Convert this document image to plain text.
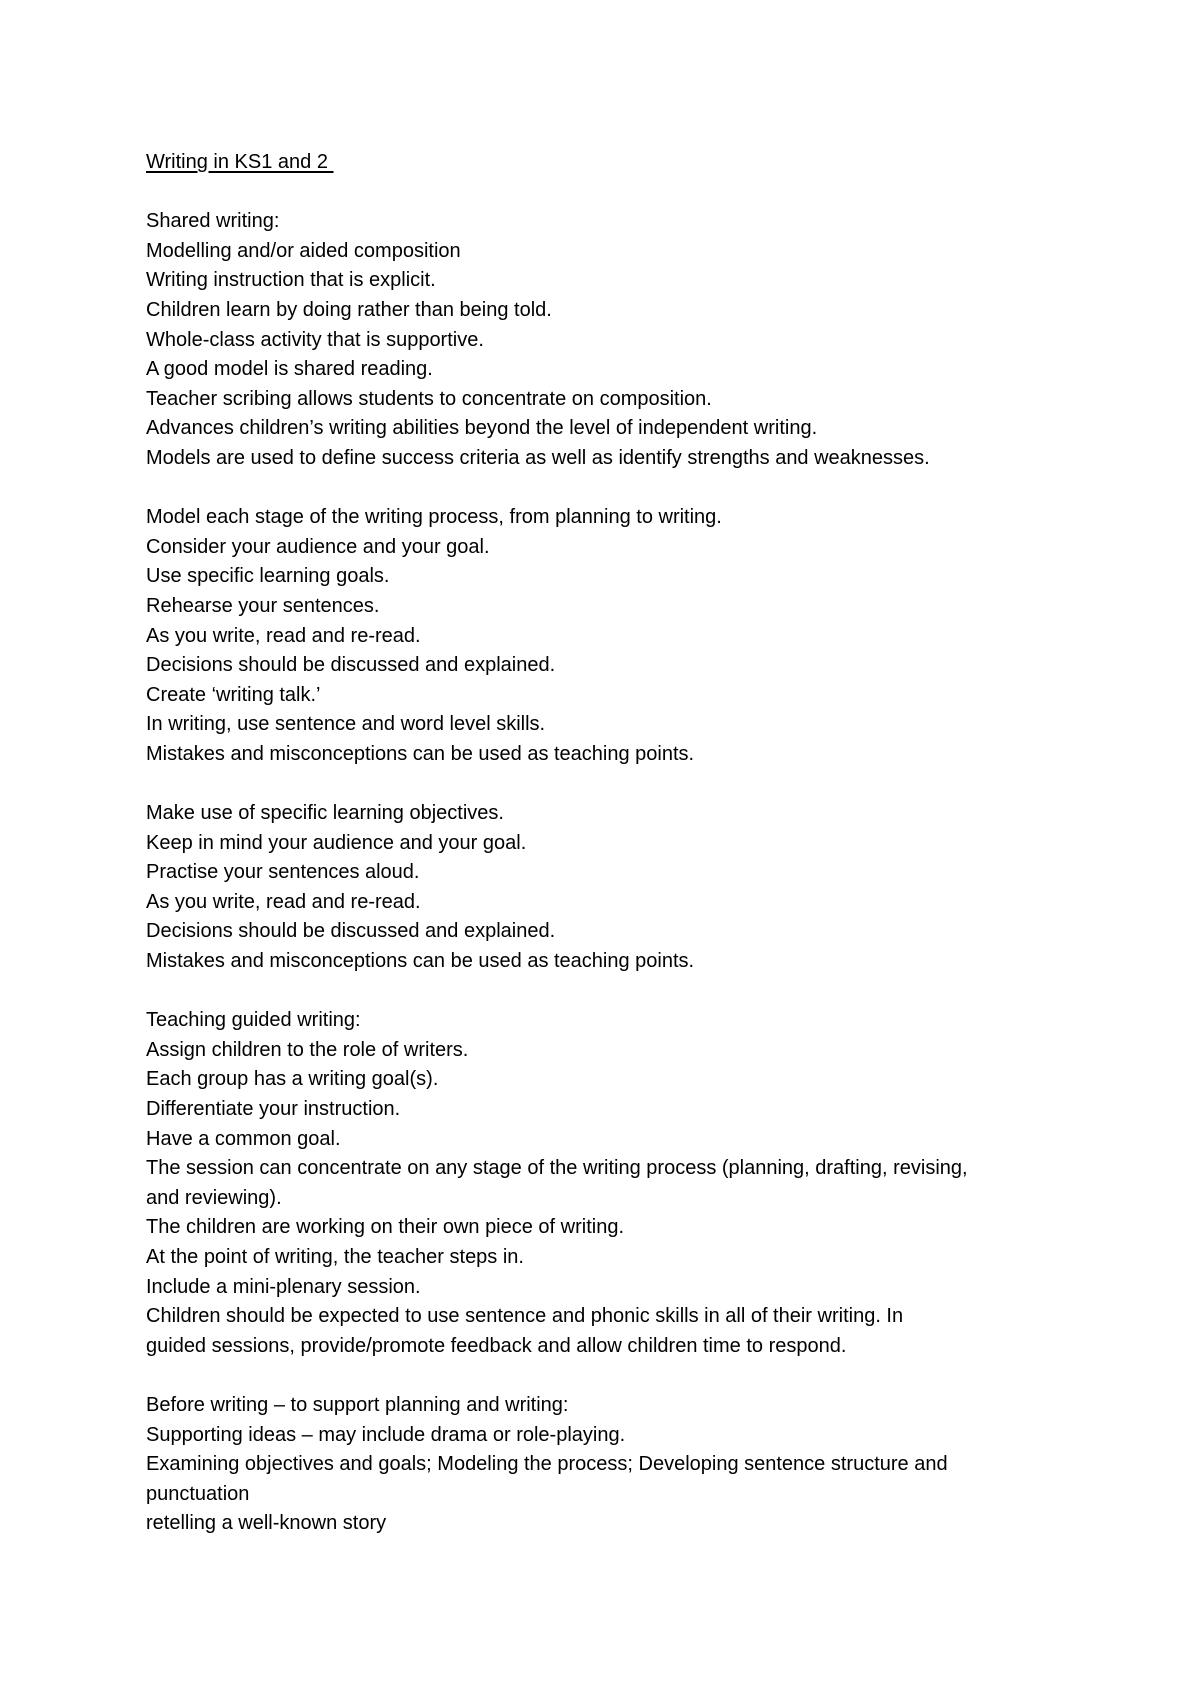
Writing in KS1 and 2
Shared writing:
Modelling and/or aided composition
Writing instruction that is explicit.
Children learn by doing rather than being told.
Whole-class activity that is supportive.
A good model is shared reading.
Teacher scribing allows students to concentrate on composition.
Advances children’s writing abilities beyond the level of independent writing.
Models are used to define success criteria as well as identify strengths and weaknesses.
Model each stage of the writing process, from planning to writing.
Consider your audience and your goal.
Use specific learning goals.
Rehearse your sentences.
As you write, read and re-read.
Decisions should be discussed and explained.
Create ‘writing talk.’
In writing, use sentence and word level skills.
Mistakes and misconceptions can be used as teaching points.
Make use of specific learning objectives.
Keep in mind your audience and your goal.
Practise your sentences aloud.
As you write, read and re-read.
Decisions should be discussed and explained.
Mistakes and misconceptions can be used as teaching points.
Teaching guided writing:
Assign children to the role of writers.
Each group has a writing goal(s).
Differentiate your instruction.
Have a common goal.
The session can concentrate on any stage of the writing process (planning, drafting, revising,
and reviewing).
The children are working on their own piece of writing.
At the point of writing, the teacher steps in.
Include a mini-plenary session.
Children should be expected to use sentence and phonic skills in all of their writing. In
guided sessions, provide/promote feedback and allow children time to respond.
Before writing – to support planning and writing:
Supporting ideas – may include drama or role-playing.
Examining objectives and goals; Modeling the process; Developing sentence structure and
punctuation
retelling a well-known story
